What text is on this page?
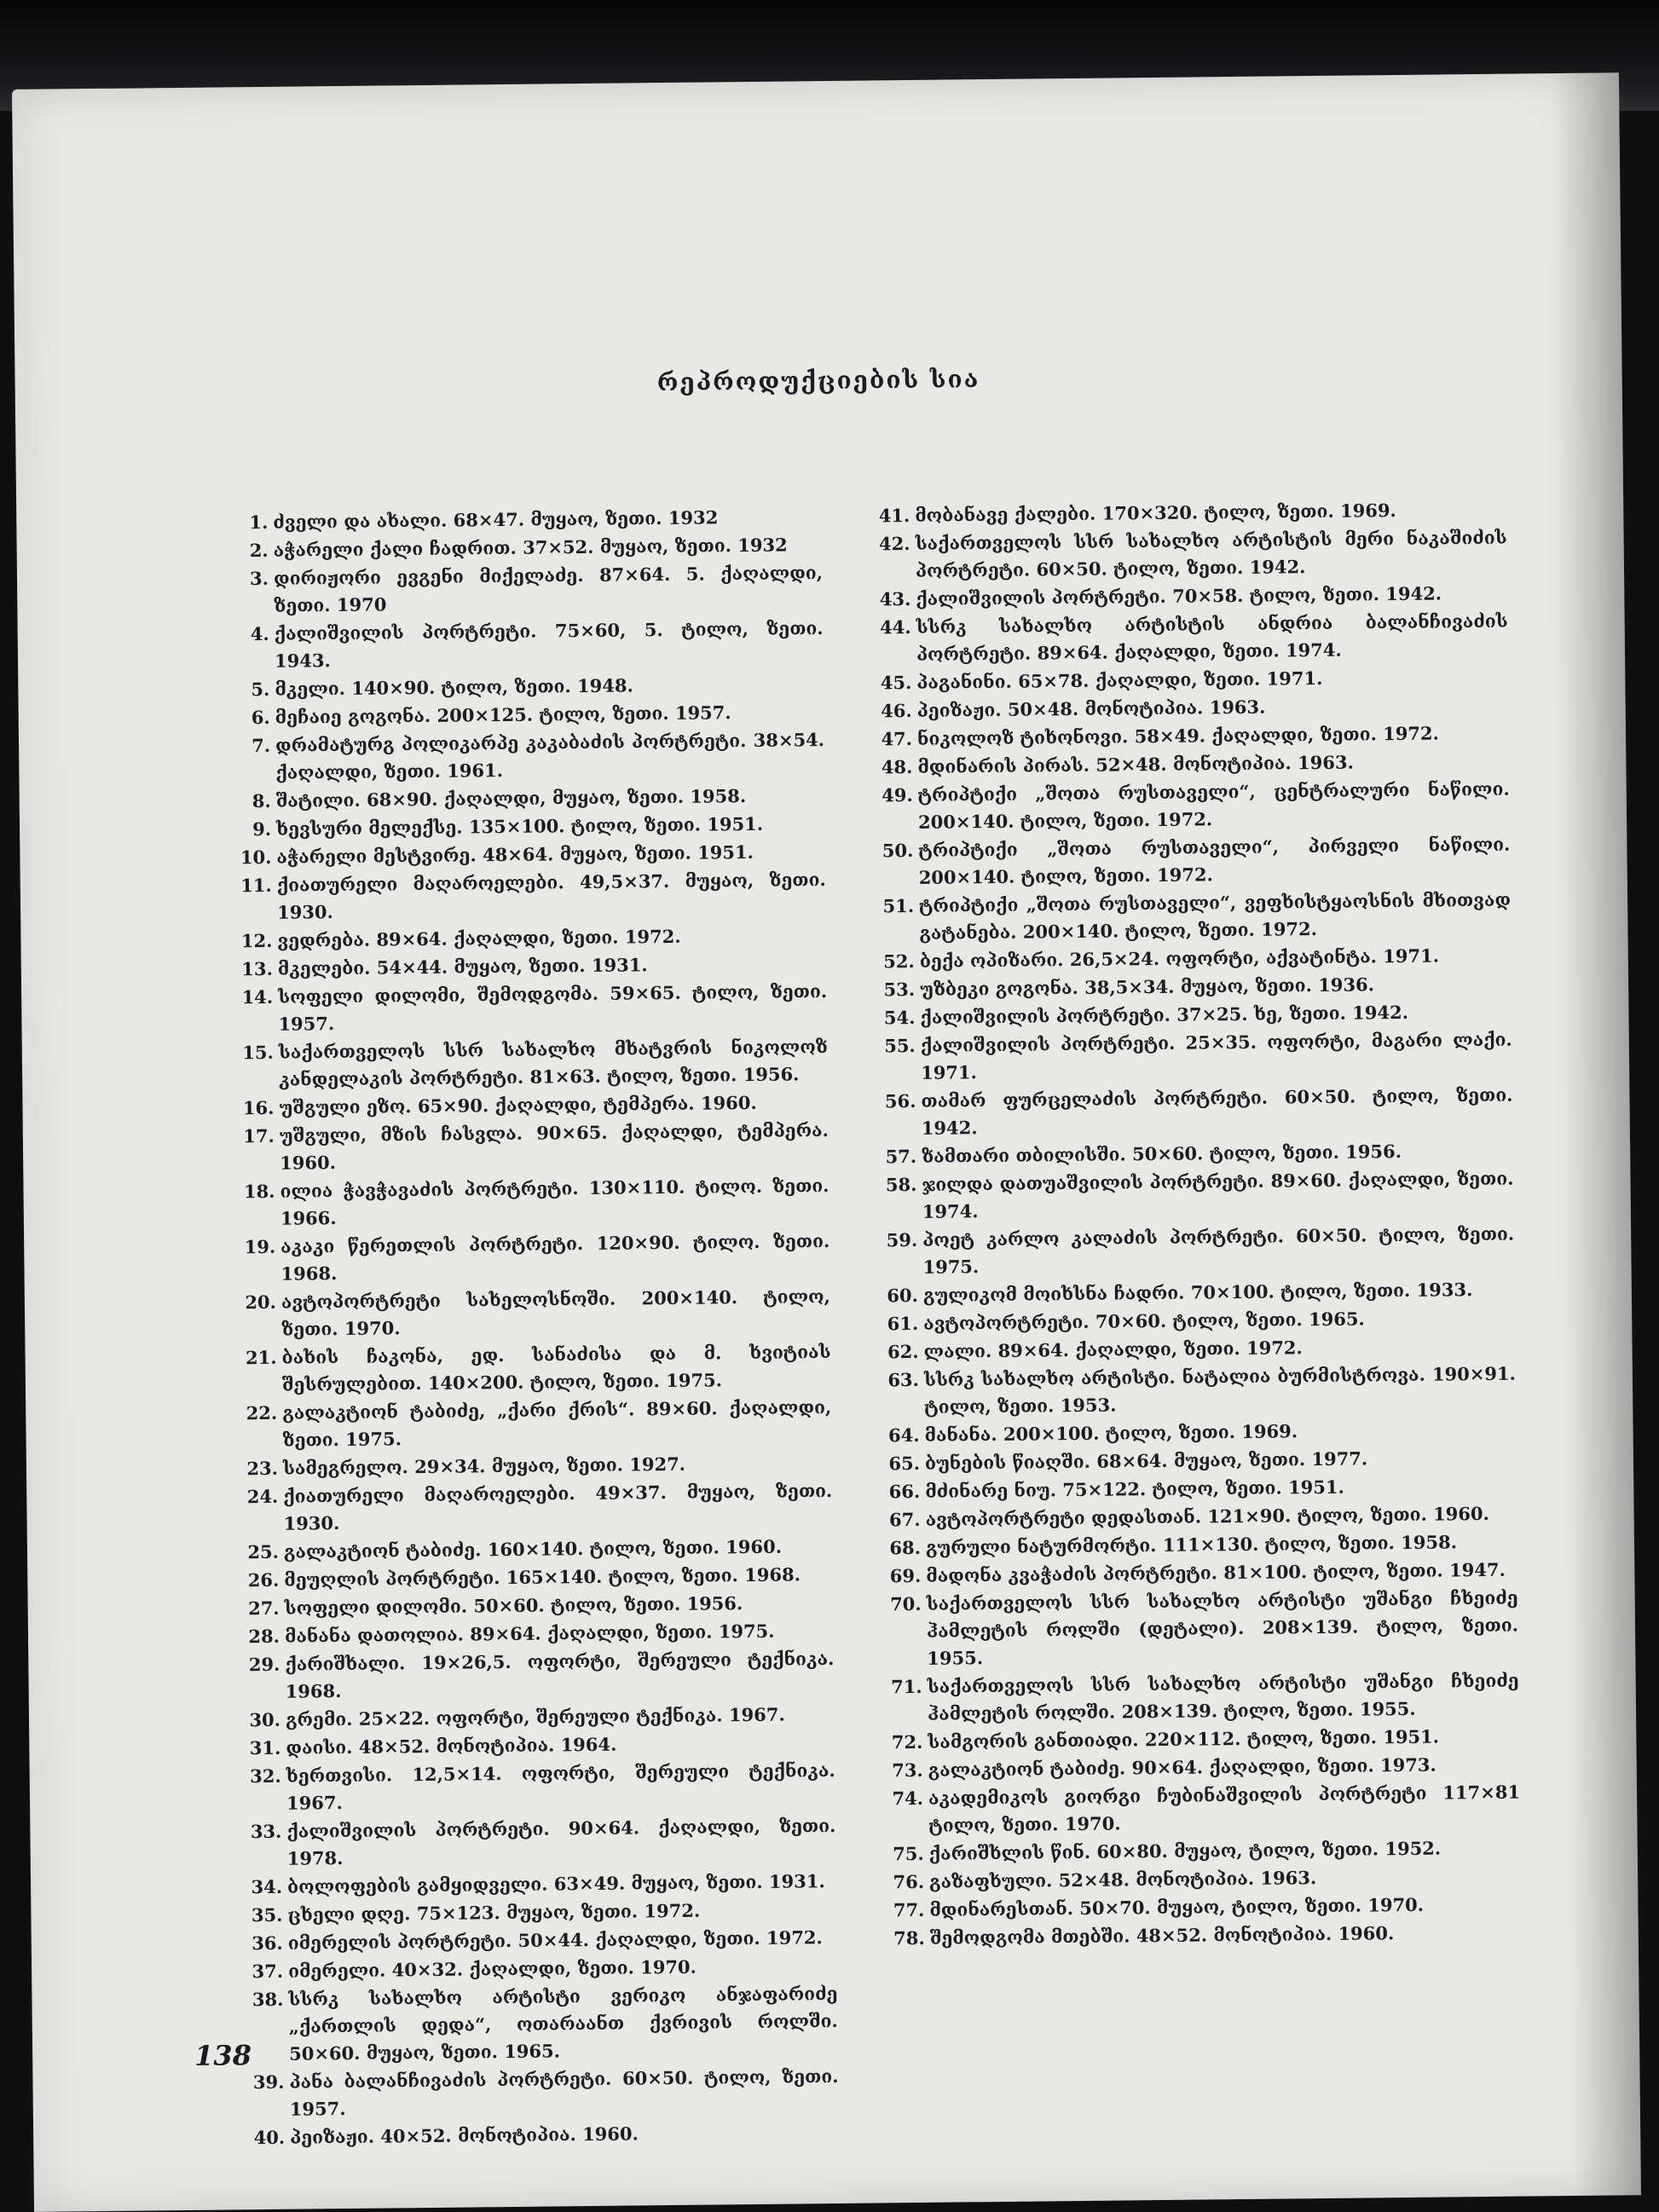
რეპროდუქციების სია
1. ძველი და ახალი. 68×47. მუყაო, ზეთი. 1932
2. აჭარელი ქალი ჩადრით. 37×52. მუყაო, ზეთი. 1932
3. დირიჟორი ევგენი მიქელაძე. 87×64. 5. ქაღალდი, ზეთი. 1970
4. ქალიშვილის პორტრეტი. 75×60, 5. ტილო, ზეთი. 1943.
5. მკელი. 140×90. ტილო, ზეთი. 1948.
6. მეჩაიე გოგონა. 200×125. ტილო, ზეთი. 1957.
7. დრამატურგ პოლიკარპე კაკაბაძის პორტრეტი. 38×54. ქაღალდი, ზეთი. 1961.
8. შატილი. 68×90. ქაღალდი, მუყაო, ზეთი. 1958.
9. ხევსური მელექსე. 135×100. ტილო, ზეთი. 1951.
10. აჭარელი მესტვირე. 48×64. მუყაო, ზეთი. 1951.
11. ქიათურელი მაღაროელები. 49,5×37. მუყაო, ზეთი. 1930.
12. ვედრება. 89×64. ქაღალდი, ზეთი. 1972.
13. მკელები. 54×44. მუყაო, ზეთი. 1931.
14. სოფელი დილომი, შემოდგომა. 59×65. ტილო, ზეთი. 1957.
15. საქართველოს სსრ სახალხო მხატვრის ნიკოლოზ კანდელაკის პორტრეტი. 81×63. ტილო, ზეთი. 1956.
16. უშგული ეზო. 65×90. ქაღალდი, ტემპერა. 1960.
17. უშგული, მზის ჩასვლა. 90×65. ქაღალდი, ტემპერა. 1960.
18. ილია ჭავჭავაძის პორტრეტი. 130×110. ტილო. ზეთი. 1966.
19. აკაკი წერეთლის პორტრეტი. 120×90. ტილო. ზეთი. 1968.
20. ავტოპორტრეტი სახელოსნოში. 200×140. ტილო, ზეთი. 1970.
21. ბახის ჩაკონა, ედ. სანაძისა და მ. ხვიტიას შესრულებით. 140×200. ტილო, ზეთი. 1975.
22. გალაკტიონ ტაბიძე, „ქარი ქრის“. 89×60. ქაღალდი, ზეთი. 1975.
23. სამეგრელო. 29×34. მუყაო, ზეთი. 1927.
24. ქიათურელი მაღაროელები. 49×37. მუყაო, ზეთი. 1930.
25. გალაკტიონ ტაბიძე. 160×140. ტილო, ზეთი. 1960.
26. მეუღლის პორტრეტი. 165×140. ტილო, ზეთი. 1968.
27. სოფელი დილომი. 50×60. ტილო, ზეთი. 1956.
28. მანანა დათოლია. 89×64. ქაღალდი, ზეთი. 1975.
29. ქარიშხალი. 19×26,5. ოფორტი, შერეული ტექნიკა. 1968.
30. გრემი. 25×22. ოფორტი, შერეული ტექნიკა. 1967.
31. დაისი. 48×52. მონოტიპია. 1964.
32. ხერთვისი. 12,5×14. ოფორტი, შერეული ტექნიკა. 1967.
33. ქალიშვილის პორტრეტი. 90×64. ქაღალდი, ზეთი. 1978.
34. ბოლოფების გამყიდველი. 63×49. მუყაო, ზეთი. 1931.
35. ცხელი დღე. 75×123. მუყაო, ზეთი. 1972.
36. იმერელის პორტრეტი. 50×44. ქაღალდი, ზეთი. 1972.
37. იმერელი. 40×32. ქაღალდი, ზეთი. 1970.
38. სსრკ სახალხო არტისტი ვერიკო ანჯაფარიძე „ქართლის დედა“, ოთარაანთ ქვრივის როლში. 50×60. მუყაო, ზეთი. 1965.
39. პანა ბალანჩივაძის პორტრეტი. 60×50. ტილო, ზეთი. 1957.
40. პეიზაჟი. 40×52. მონოტიპია. 1960.
41. მობანავე ქალები. 170×320. ტილო, ზეთი. 1969.
42. საქართველოს სსრ სახალხო არტისტის მერი ნაკაშიძის პორტრეტი. 60×50. ტილო, ზეთი. 1942.
43. ქალიშვილის პორტრეტი. 70×58. ტილო, ზეთი. 1942.
44. სსრკ სახალხო არტისტის ანდრია ბალანჩივაძის პორტრეტი. 89×64. ქაღალდი, ზეთი. 1974.
45. პაგანინი. 65×78. ქაღალდი, ზეთი. 1971.
46. პეიზაჟი. 50×48. მონოტიპია. 1963.
47. ნიკოლოზ ტიხონოვი. 58×49. ქაღალდი, ზეთი. 1972.
48. მდინარის პირას. 52×48. მონოტიპია. 1963.
49. ტრიპტიქი „შოთა რუსთაველი“, ცენტრალური ნაწილი. 200×140. ტილო, ზეთი. 1972.
50. ტრიპტიქი „შოთა რუსთაველი“, პირველი ნაწილი. 200×140. ტილო, ზეთი. 1972.
51. ტრიპტიქი „შოთა რუსთაველი“, ვეფხისტყაოსნის მხითვად გატანება. 200×140. ტილო, ზეთი. 1972.
52. ბექა ოპიზარი. 26,5×24. ოფორტი, აქვატინტა. 1971.
53. უზბეკი გოგონა. 38,5×34. მუყაო, ზეთი. 1936.
54. ქალიშვილის პორტრეტი. 37×25. ხე, ზეთი. 1942.
55. ქალიშვილის პორტრეტი. 25×35. ოფორტი, მაგარი ლაქი. 1971.
56. თამარ ფურცელაძის პორტრეტი. 60×50. ტილო, ზეთი. 1942.
57. ზამთარი თბილისში. 50×60. ტილო, ზეთი. 1956.
58. ჯილდა დათუაშვილის პორტრეტი. 89×60. ქაღალდი, ზეთი. 1974.
59. პოეტ კარლო კალაძის პორტრეტი. 60×50. ტილო, ზეთი. 1975.
60. გულიკომ მოიხსნა ჩადრი. 70×100. ტილო, ზეთი. 1933.
61. ავტოპორტრეტი. 70×60. ტილო, ზეთი. 1965.
62. ლალი. 89×64. ქაღალდი, ზეთი. 1972.
63. სსრკ სახალხო არტისტი. ნატალია ბურმისტროვა. 190×91. ტილო, ზეთი. 1953.
64. მანანა. 200×100. ტილო, ზეთი. 1969.
65. ბუნების წიაღში. 68×64. მუყაო, ზეთი. 1977.
66. მძინარე ნიუ. 75×122. ტილო, ზეთი. 1951.
67. ავტოპორტრეტი დედასთან. 121×90. ტილო, ზეთი. 1960.
68. გურული ნატურმორტი. 111×130. ტილო, ზეთი. 1958.
69. მადონა კვაჭაძის პორტრეტი. 81×100. ტილო, ზეთი. 1947.
70. საქართველოს სსრ სახალხო არტისტი უშანგი ჩხეიძე ჰამლეტის როლში (დეტალი). 208×139. ტილო, ზეთი. 1955.
71. საქართველოს სსრ სახალხო არტისტი უშანგი ჩხეიძე ჰამლეტის როლში. 208×139. ტილო, ზეთი. 1955.
72. სამგორის განთიადი. 220×112. ტილო, ზეთი. 1951.
73. გალაკტიონ ტაბიძე. 90×64. ქაღალდი, ზეთი. 1973.
74. აკადემიკოს გიორგი ჩუბინაშვილის პორტრეტი 117×81 ტილო, ზეთი. 1970.
75. ქარიშხლის წინ. 60×80. მუყაო, ტილო, ზეთი. 1952.
76. გაზაფხული. 52×48. მონოტიპია. 1963.
77. მდინარესთან. 50×70. მუყაო, ტილო, ზეთი. 1970.
78. შემოდგომა მთებში. 48×52. მონოტიპია. 1960.
138
